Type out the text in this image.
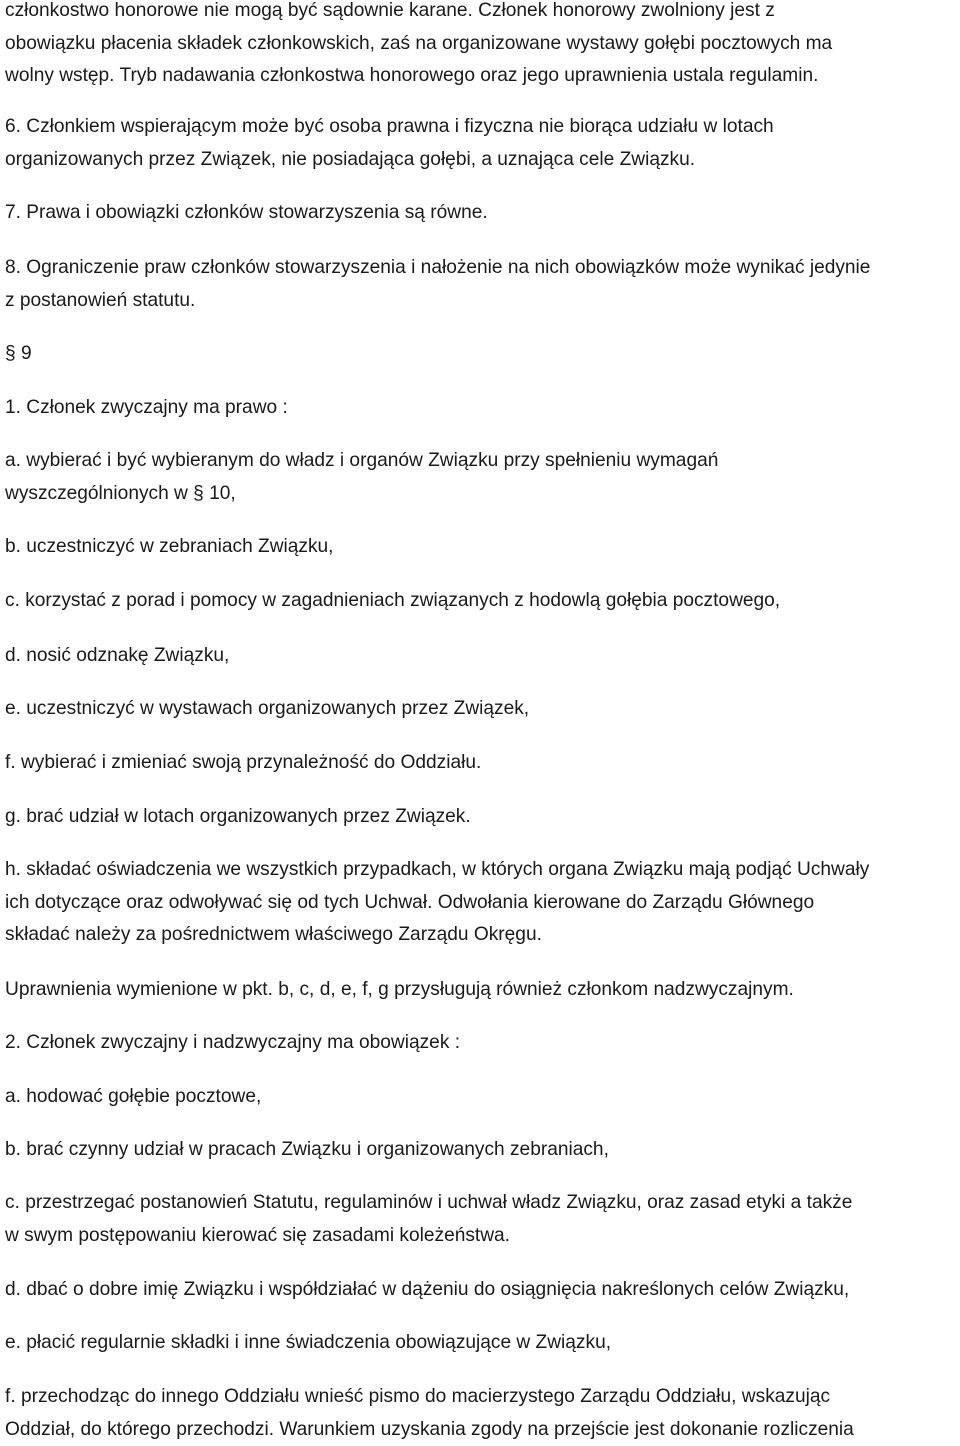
członkostwo honorowe nie mogą być sądownie karane. Członek honorowy zwolniony jest z
obowiązku płacenia składek członkowskich, zaś na organizowane wystawy gołębi pocztowych ma
wolny wstęp. Tryb nadawania członkostwa honorowego oraz jego uprawnienia ustala regulamin.
6. Członkiem wspierającym może być osoba prawna i fizyczna nie biorąca udziału w lotach
organizowanych przez Związek, nie posiadająca gołębi, a uznająca cele Związku.
7. Prawa i obowiązki członków stowarzyszenia są równe.
8. Ograniczenie praw członków stowarzyszenia i nałożenie na nich obowiązków może wynikać jedynie
z postanowień statutu.
§ 9
1. Członek zwyczajny ma prawo :
a. wybierać i być wybieranym do władz i organów Związku przy spełnieniu wymagań
wyszczególnionych w § 10,
b. uczestniczyć w zebraniach Związku,
c. korzystać z porad i pomocy w zagadnieniach związanych z hodowlą gołębia pocztowego,
d. nosić odznakę Związku,
e. uczestniczyć w wystawach organizowanych przez Związek,
f. wybierać i zmieniać swoją przynależność do Oddziału.
g. brać udział w lotach organizowanych przez Związek.
h. składać oświadczenia we wszystkich przypadkach, w których organa Związku mają podjąć Uchwały
ich dotyczące oraz odwoływać się od tych Uchwał. Odwołania kierowane do Zarządu Głównego
składać należy za pośrednictwem właściwego Zarządu Okręgu.
Uprawnienia wymienione w pkt. b, c, d, e, f, g przysługują również członkom nadzwyczajnym.
2. Członek zwyczajny i nadzwyczajny ma obowiązek :
a. hodować gołębie pocztowe,
b. brać czynny udział w pracach Związku i organizowanych zebraniach,
c. przestrzegać postanowień Statutu, regulaminów i uchwał władz Związku, oraz zasad etyki a także
w swym postępowaniu kierować się zasadami koleżeństwa.
d. dbać o dobre imię Związku i współdziałać w dążeniu do osiągnięcia nakreślonych celów Związku,
e. płacić regularnie składki i inne świadczenia obowiązujące w Związku,
f. przechodząc do innego Oddziału wnieść pismo do macierzystego Zarządu Oddziału, wskazując
Oddział, do którego przechodzi. Warunkiem uzyskania zgody na przejście jest dokonanie rozliczenia
